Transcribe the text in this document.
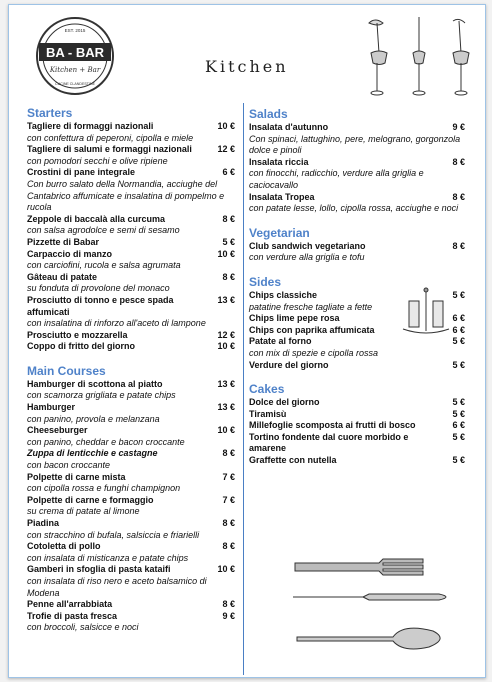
EST. 2015
BA - BAR
Kitchen + Bar
CUCINE CLANDESTINE
Kitchen
Starters
Tagliere di formaggi nazionali	10 €
con confettura di peperoni, cipolla e miele
Tagliere di salumi e formaggi nazionali	12 €
con pomodori secchi e olive ripiene
Crostini di pane integrale	6 €
Con burro salato della Normandia, acciughe del Cantabrico affumicate e insalatina di pompelmo e rucola
Zeppole di baccalà alla curcuma	8 €
con salsa agrodolce e semi di sesamo
Pizzette di Babar	5 €
Carpaccio di manzo	10 €
con carciofini, rucola e salsa agrumata
Gâteau di patate	8 €
su fonduta di provolone del monaco
Prosciutto di tonno e pesce spada affumicati
13 €
con insalatina di rinforzo all'aceto di lampone
Prosciutto e mozzarella	12 €
Coppo di fritto del giorno	10 €
Main Courses
Hamburger di scottona al piatto	13 €
con scamorza grigliata e patate chips
Hamburger	13 €
con panino, provola e melanzana
Cheeseburger	10 €
con panino, cheddar e bacon croccante
Zuppa di lenticchie e castagne	8 €
con bacon croccante
Polpette di carne mista	7 €
con cipolla rossa e funghi champignon
Polpette di carne e formaggio	7 €
su crema di patate al limone
Piadina	8 €
con stracchino di bufala, salsiccia e friarielli
Cotoletta di pollo	8 €
con insalata di misticanza e patate chips
Gamberi in sfoglia di pasta kataifi	10 €
con insalata di riso nero e aceto balsamico di Modena
Penne all'arrabbiata	8 €
Trofie di pasta fresca	9 €
con broccoli, salsicce e noci
Salads
Insalata d'autunno	9 €
Con spinaci, lattughino, pere, melograno, gorgonzola dolce e pinoli
Insalata riccia	8 €
con finocchi, radicchio, verdure alla griglia e caciocavallo
Insalata Tropea	8 €
con patate lesse, lollo, cipolla rossa, acciughe e noci
Vegetarian
Club sandwich vegetariano	8 €
con verdure alla griglia e tofu
Sides
Chips classiche	5 €
patatine fresche tagliate a fette
Chips lime pepe rosa	6 €
Chips con paprika affumicata	6 €
Patate al forno	5 €
con mix di spezie e cipolla rossa
Verdure del giorno	5 €
Cakes
Dolce del giorno	5 €
Tiramisù	5 €
Millefoglie scomposta ai frutti di bosco	6 €
Tortino fondente dal cuore morbido e amarene
5 €
Graffette con nutella	5 €
